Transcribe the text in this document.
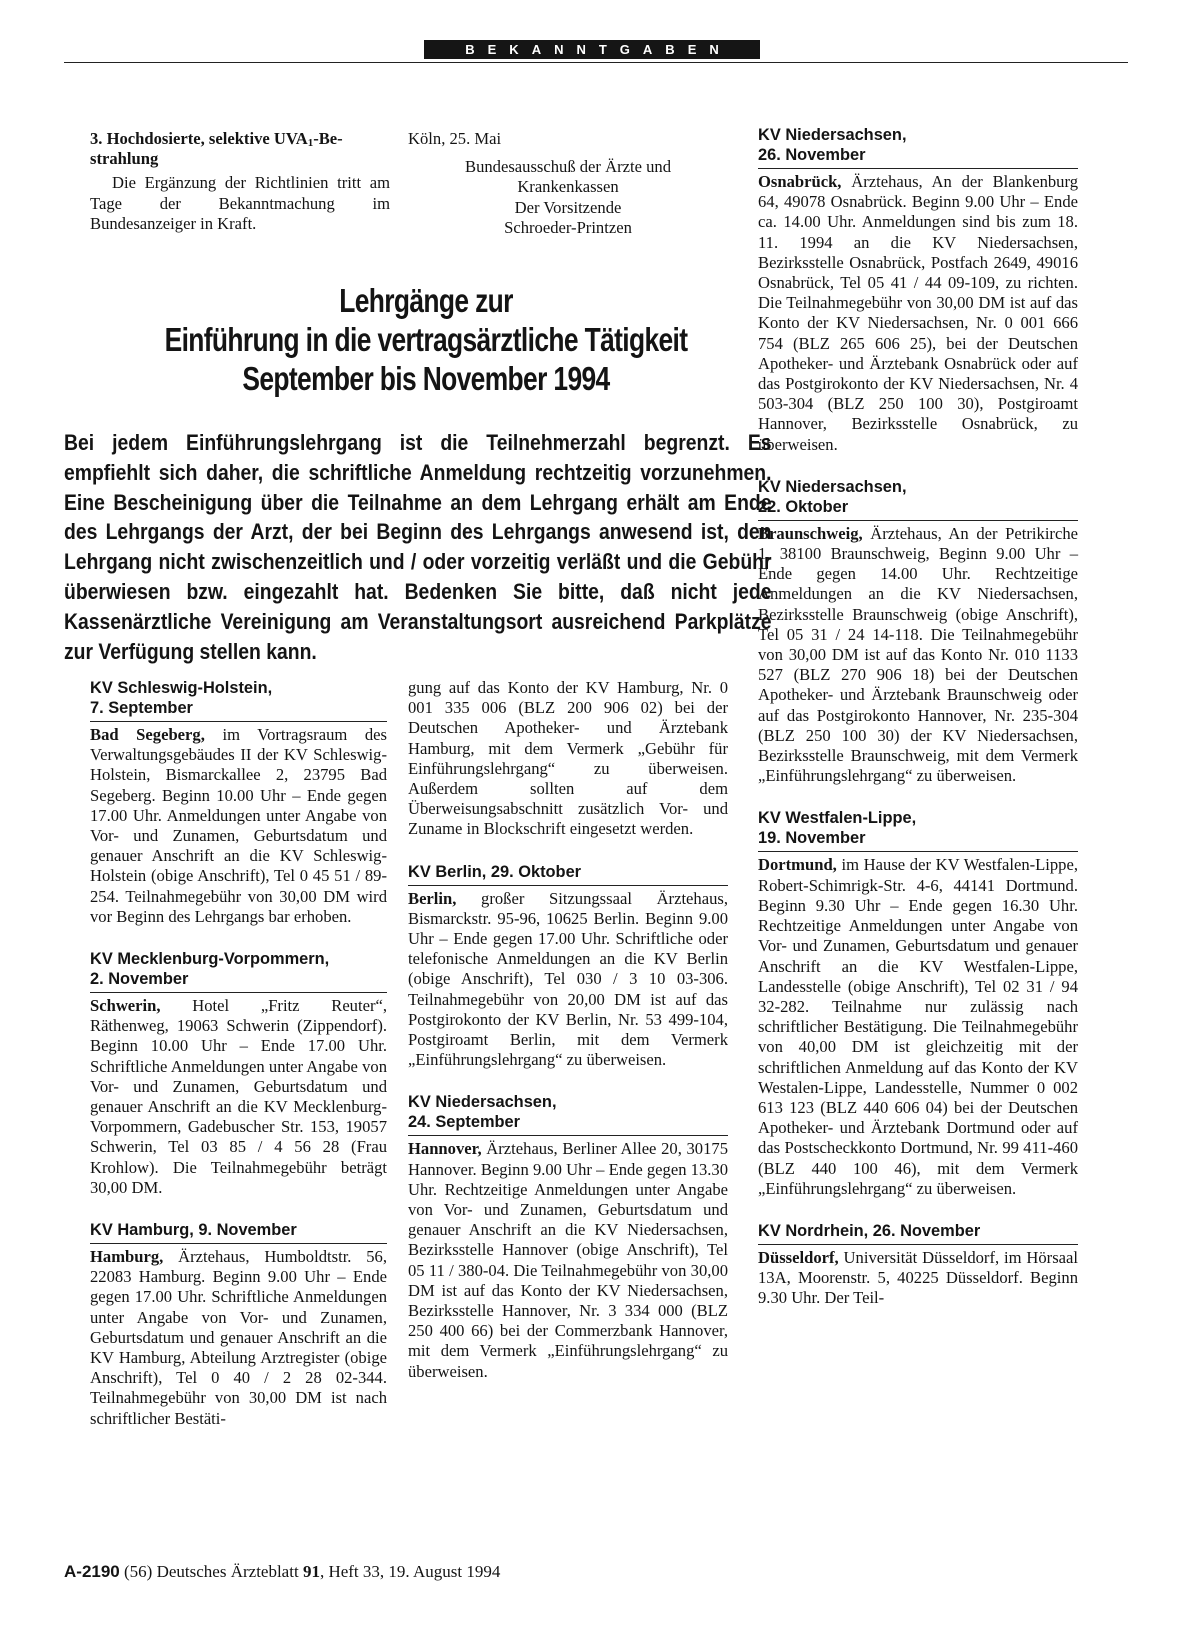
BEKANNTGABEN

3. Hochdosierte, selektive $UVA_1-Be$-strahlung

Die Ergänzung der Richtlinien tritt am Tage der Bekanntmachung im Bundesanzeiger in Kraft.

Köln, 25. Mai

Bundesausschuß der Ärzte und

Krankenkassen

Der Vorsitzende

Schroeder-Printzen

Lehrgänge zur
Einführung in die vertragsärztliche Tätigkeit
September bis November 1994
Bei jedem Einführungslehrgang ist die Teilnehmerzahl begrenzt. Es empfiehlt sich daher, die schriftliche Anmeldung rechtzeitig vorzunehmen. Eine Bescheinigung über die Teilnahme an dem Lehrgang erhält am Ende des Lehrgangs der Arzt, der bei Beginn des Lehrgangs anwesend ist, den Lehrgang nicht zwischenzeitlich und / oder vorzeitig verläßt und die Gebühr überwiesen bzw. eingezahlt hat. Bedenken Sie bitte, daß nicht jede Kassenärztliche Vereinigung am Veranstaltungsort ausreichend Parkplätze zur Verfügung stellen kann.

KV Schleswig-Holstein,
7. September

Bad Segeberg, im Vortragsraum des Verwaltungsgebäudes II der KV Schleswig-Holstein, Bismarckallee 2, 23795 Bad Segeberg. Beginn 10.00 Uhr – Ende gegen 17.00 Uhr. Anmeldungen unter Angabe von Vor- und Zunamen, Geburtsdatum und genauer Anschrift an die KV Schleswig-Holstein (obige Anschrift), Tel 0 45 51 / 89-254. Teilnahmegebühr von 30,00 DM wird vor Beginn des Lehrgangs bar erhoben.

KV Mecklenburg-Vorpommern,
2. November

Schwerin, Hotel „Fritz Reuter“, Räthenweg, 19063 Schwerin (Zippendorf). Beginn 10.00 Uhr – Ende 17.00 Uhr. Schriftliche Anmeldungen unter Angabe von Vor- und Zunamen, Geburtsdatum und genauer Anschrift an die KV Mecklenburg-Vorpommern, Gadebuscher Str. 153, 19057 Schwerin, Tel 03 85 / 4 56 28 (Frau Krohlow). Die Teilnahmegebühr beträgt 30,00 DM.

KV Hamburg, 9. November

Hamburg, Ärztehaus, Humboldtstr. 56, 22083 Hamburg. Beginn 9.00 Uhr – Ende gegen 17.00 Uhr. Schriftliche Anmeldungen unter Angabe von Vor- und Zunamen, Geburtsdatum und genauer Anschrift an die KV Hamburg, Abteilung Arztregister (obige Anschrift), Tel 0 40 / 2 28 02-344. Teilnahmegebühr von 30,00 DM ist nach schriftlicher Bestäti-

gung auf das Konto der KV Hamburg, Nr. 0 001 335 006 (BLZ 200 906 02) bei der Deutschen Apotheker- und Ärztebank Hamburg, mit dem Vermerk „Gebühr für Einführungslehrgang“ zu überweisen. Außerdem sollten auf dem Überweisungsabschnitt zusätzlich Vor- und Zuname in Blockschrift eingesetzt werden.

KV Berlin, 29. Oktober

Berlin, großer Sitzungssaal Ärztehaus, Bismarckstr. 95-96, 10625 Berlin. Beginn 9.00 Uhr – Ende gegen 17.00 Uhr. Schriftliche oder telefonische Anmeldungen an die KV Berlin (obige Anschrift), Tel 030 / 3 10 03-306. Teilnahmegebühr von 20,00 DM ist auf das Postgirokonto der KV Berlin, Nr. 53 499-104, Postgiroamt Berlin, mit dem Vermerk „Einführungslehrgang“ zu überweisen.

KV Niedersachsen,
24. September

Hannover, Ärztehaus, Berliner Allee 20, 30175 Hannover. Beginn 9.00 Uhr – Ende gegen 13.30 Uhr. Rechtzeitige Anmeldungen unter Angabe von Vor- und Zunamen, Geburtsdatum und genauer Anschrift an die KV Niedersachsen, Bezirksstelle Hannover (obige Anschrift), Tel 05 11 / 380-04. Die Teilnahmegebühr von 30,00 DM ist auf das Konto der KV Niedersachsen, Bezirksstelle Hannover, Nr. 3 334 000 (BLZ 250 400 66) bei der Commerzbank Hannover, mit dem Vermerk „Einführungslehrgang“ zu überweisen.

KV Niedersachsen,
26. November

Osnabrück, Ärztehaus, An der Blankenburg 64, 49078 Osnabrück. Beginn 9.00 Uhr – Ende ca. 14.00 Uhr. Anmeldungen sind bis zum 18. 11. 1994 an die KV Niedersachsen, Bezirksstelle Osnabrück, Postfach 2649, 49016 Osnabrück, Tel 05 41 / 44 09-109, zu richten. Die Teilnahmegebühr von 30,00 DM ist auf das Konto der KV Niedersachsen, Nr. 0 001 666 754 (BLZ 265 606 25), bei der Deutschen Apotheker- und Ärztebank Osnabrück oder auf das Postgirokonto der KV Niedersachsen, Nr. 4 503-304 (BLZ 250 100 30), Postgiroamt Hannover, Bezirksstelle Osnabrück, zu überweisen.

KV Niedersachsen,
22. Oktober

Braunschweig, Ärztehaus, An der Petrikirche 1, 38100 Braunschweig, Beginn 9.00 Uhr – Ende gegen 14.00 Uhr. Rechtzeitige Anmeldungen an die KV Niedersachsen, Bezirksstelle Braunschweig (obige Anschrift), Tel 05 31 / 24 14-118. Die Teilnahmegebühr von 30,00 DM ist auf das Konto Nr. 010 1133 527 (BLZ 270 906 18) bei der Deutschen Apotheker- und Ärztebank Braunschweig oder auf das Postgirokonto Hannover, Nr. 235-304 (BLZ 250 100 30) der KV Niedersachsen, Bezirksstelle Braunschweig, mit dem Vermerk „Einführungslehrgang“ zu überweisen.

KV Westfalen-Lippe,
19. November

Dortmund, im Hause der KV Westfalen-Lippe, Robert-Schimrigk-Str. 4-6, 44141 Dortmund. Beginn 9.30 Uhr – Ende gegen 16.30 Uhr. Rechtzeitige Anmeldungen unter Angabe von Vor- und Zunamen, Geburtsdatum und genauer Anschrift an die KV Westfalen-Lippe, Landesstelle (obige Anschrift), Tel 02 31 / 94 32-282. Teilnahme nur zulässig nach schriftlicher Bestätigung. Die Teilnahmegebühr von 40,00 DM ist gleichzeitig mit der schriftlichen Anmeldung auf das Konto der KV Westalen-Lippe, Landesstelle, Nummer 0 002 613 123 (BLZ 440 606 04) bei der Deutschen Apotheker- und Ärztebank Dortmund oder auf das Postscheckkonto Dortmund, Nr. 99 411-460 (BLZ 440 100 46), mit dem Vermerk „Einführungslehrgang“ zu überweisen.

KV Nordrhein, 26. November

Düsseldorf, Universität Düsseldorf, im Hörsaal 13A, Moorenstr. 5, 40225 Düsseldorf. Beginn 9.30 Uhr. Der Teil-

A-2190 (56) Deutsches Ärzteblatt 91, Heft 33, 19. August 1994
